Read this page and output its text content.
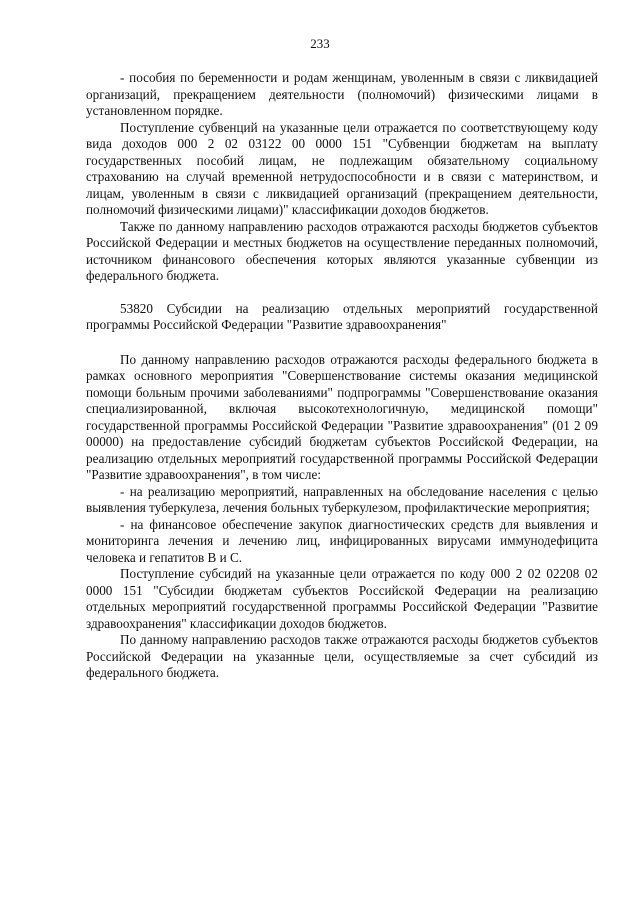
233

- пособия по беременности и родам женщинам, уволенным в связи с ликвидацией организаций, прекращением деятельности (полномочий) физическими лицами в установленном порядке.

Поступление субвенций на указанные цели отражается по соответствующему коду вида доходов 000 2 02 03122 00 0000 151 "Субвенции бюджетам на выплату государственных пособий лицам, не подлежащим обязательному социальному страхованию на случай временной нетрудоспособности и в связи с материнством, и лицам, уволенным в связи с ликвидацией организаций (прекращением деятельности, полномочий физическими лицами)" классификации доходов бюджетов.

Также по данному направлению расходов отражаются расходы бюджетов субъектов Российской Федерации и местных бюджетов на осуществление переданных полномочий, источником финансового обеспечения которых являются указанные субвенции из федерального бюджета.

53820 Субсидии на реализацию отдельных мероприятий государственной программы Российской Федерации "Развитие здравоохранения"

По данному направлению расходов отражаются расходы федерального бюджета в рамках основного мероприятия "Совершенствование системы оказания медицинской помощи больным прочими заболеваниями" подпрограммы "Совершенствование оказания специализированной, включая высокотехнологичную, медицинской помощи" государственной программы Российской Федерации "Развитие здравоохранения" (01 2 09 00000) на предоставление субсидий бюджетам субъектов Российской Федерации, на реализацию отдельных мероприятий государственной программы Российской Федерации "Развитие здравоохранения", в том числе:

- на реализацию мероприятий, направленных на обследование населения с целью выявления туберкулеза, лечения больных туберкулезом, профилактические мероприятия;

- на финансовое обеспечение закупок диагностических средств для выявления и мониторинга лечения и лечению лиц, инфицированных вирусами иммунодефицита человека и гепатитов В и С.

Поступление субсидий на указанные цели отражается по коду 000 2 02 02208 02 0000 151 "Субсидии бюджетам субъектов Российской Федерации на реализацию отдельных мероприятий государственной программы Российской Федерации "Развитие здравоохранения" классификации доходов бюджетов.

По данному направлению расходов также отражаются расходы бюджетов субъектов Российской Федерации на указанные цели, осуществляемые за счет субсидий из федерального бюджета.
